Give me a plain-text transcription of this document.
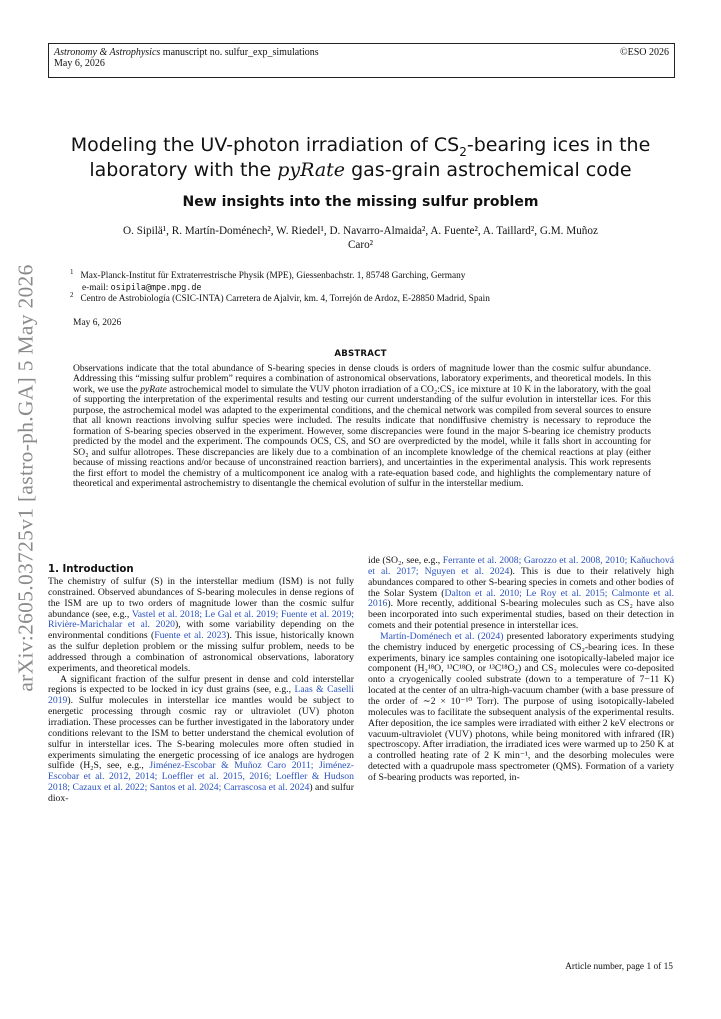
Astronomy & Astrophysics manuscript no. sulfur_exp_simulations
May 6, 2026
©ESO 2026
arXiv:2605.03725v1 [astro-ph.GA] 5 May 2026
Modeling the UV-photon irradiation of $CS_2$-bearing ices in the
laboratory with the pyRate gas-grain astrochemical code
New insights into the missing sulfur problem
O. Sipilä¹, R. Martín-Doménech², W. Riedel¹, D. Navarro-Almaida², A. Fuente², A. Taillard², G.M. Muñoz
Caro²
$^1$ Max-Planck-Institut für Extraterrestrische Physik (MPE), Giessenbachstr. 1, 85748 Garching, Germany
e-mail: osipila@mpe.mpg.de
$^2$ Centro de Astrobiología (CSIC-INTA) Carretera de Ajalvir, km. 4, Torrejón de Ardoz, E-28850 Madrid, Spain
May 6, 2026
ABSTRACT
Observations indicate that the total abundance of S-bearing species in dense clouds is orders of magnitude lower than the cosmic sulfur abundance. Addressing this “missing sulfur problem” requires a combination of astronomical observations, laboratory experiments, and theoretical models. In this work, we use the pyRate astrochemical model to simulate the VUV photon irradiation of a CO₂:CS₂ ice mixture at 10 K in the laboratory, with the goal of supporting the interpretation of the experimental results and testing our current understanding of the sulfur evolution in interstellar ices. For this purpose, the astrochemical model was adapted to the experimental conditions, and the chemical network was compiled from several sources to ensure that all known reactions involving sulfur species were included. The results indicate that nondiffusive chemistry is necessary to reproduce the formation of S-bearing species observed in the experiment. However, some discrepancies were found in the major S-bearing ice chemistry products predicted by the model and the experiment. The compounds OCS, CS, and SO are overpredicted by the model, while it falls short in accounting for SO₂ and sulfur allotropes. These discrepancies are likely due to a combination of an incomplete knowledge of the chemical reactions at play (either because of missing reactions and/or because of unconstrained reaction barriers), and uncertainties in the experimental analysis. This work represents the first effort to model the chemistry of a multicomponent ice analog with a rate-equation based code, and highlights the complementary nature of theoretical and experimental astrochemistry to disentangle the chemical evolution of sulfur in the interstellar medium.
1. Introduction

The chemistry of sulfur (S) in the interstellar medium (ISM) is not fully constrained. Observed abundances of S-bearing molecules in dense regions of the ISM are up to two orders of magnitude lower than the cosmic sulfur abundance (see, e.g., Vastel et al. 2018; Le Gal et al. 2019; Fuente et al. 2019; Rivière-Marichalar et al. 2020), with some variability depending on the environmental conditions (Fuente et al. 2023). This issue, historically known as the sulfur depletion problem or the missing sulfur problem, needs to be addressed through a combination of astronomical observations, laboratory experiments, and theoretical models.

A significant fraction of the sulfur present in dense and cold interstellar regions is expected to be locked in icy dust grains (see, e.g., Laas & Caselli 2019). Sulfur molecules in interstellar ice mantles would be subject to energetic processing through cosmic ray or ultraviolet (UV) photon irradiation. These processes can be further investigated in the laboratory under conditions relevant to the ISM to better understand the chemical evolution of sulfur in interstellar ices. The S-bearing molecules more often studied in experiments simulating the energetic processing of ice analogs are hydrogen sulfide (H₂S, see, e.g., Jiménez-Escobar & Muñoz Caro 2011; Jiménez-Escobar et al. 2012, 2014; Loeffler et al. 2015, 2016; Loeffler & Hudson 2018; Cazaux et al. 2022; Santos et al. 2024; Carrascosa et al. 2024) and sulfur diox-

ide (SO₂, see, e.g., Ferrante et al. 2008; Garozzo et al. 2008, 2010; Kaňuchová et al. 2017; Nguyen et al. 2024). This is due to their relatively high abundances compared to other S-bearing species in comets and other bodies of the Solar System (Dalton et al. 2010; Le Roy et al. 2015; Calmonte et al. 2016). More recently, additional S-bearing molecules such as CS₂ have also been incorporated into such experimental studies, based on their detection in comets and their potential presence in interstellar ices.

Martín-Doménech et al. (2024) presented laboratory experiments studying the chemistry induced by energetic processing of CS₂-bearing ices. In these experiments, binary ice samples containing one isotopically-labeled major ice component (H₂¹⁸O, ¹³C¹⁸O, or ¹³C¹⁸O₂) and CS₂ molecules were co-deposited onto a cryogenically cooled substrate (down to a temperature of 7−11 K) located at the center of an ultra-high-vacuum chamber (with a base pressure of the order of ∼2 × 10⁻¹⁰ Torr). The purpose of using isotopically-labeled molecules was to facilitate the subsequent analysis of the experimental results. After deposition, the ice samples were irradiated with either 2 keV electrons or vacuum-ultraviolet (VUV) photons, while being monitored with infrared (IR) spectroscopy. After irradiation, the irradiated ices were warmed up to 250 K at a controlled heating rate of 2 K min⁻¹, and the desorbing molecules were detected with a quadrupole mass spectrometer (QMS). Formation of a variety of S-bearing products was reported, in-

Article number, page 1 of 15
